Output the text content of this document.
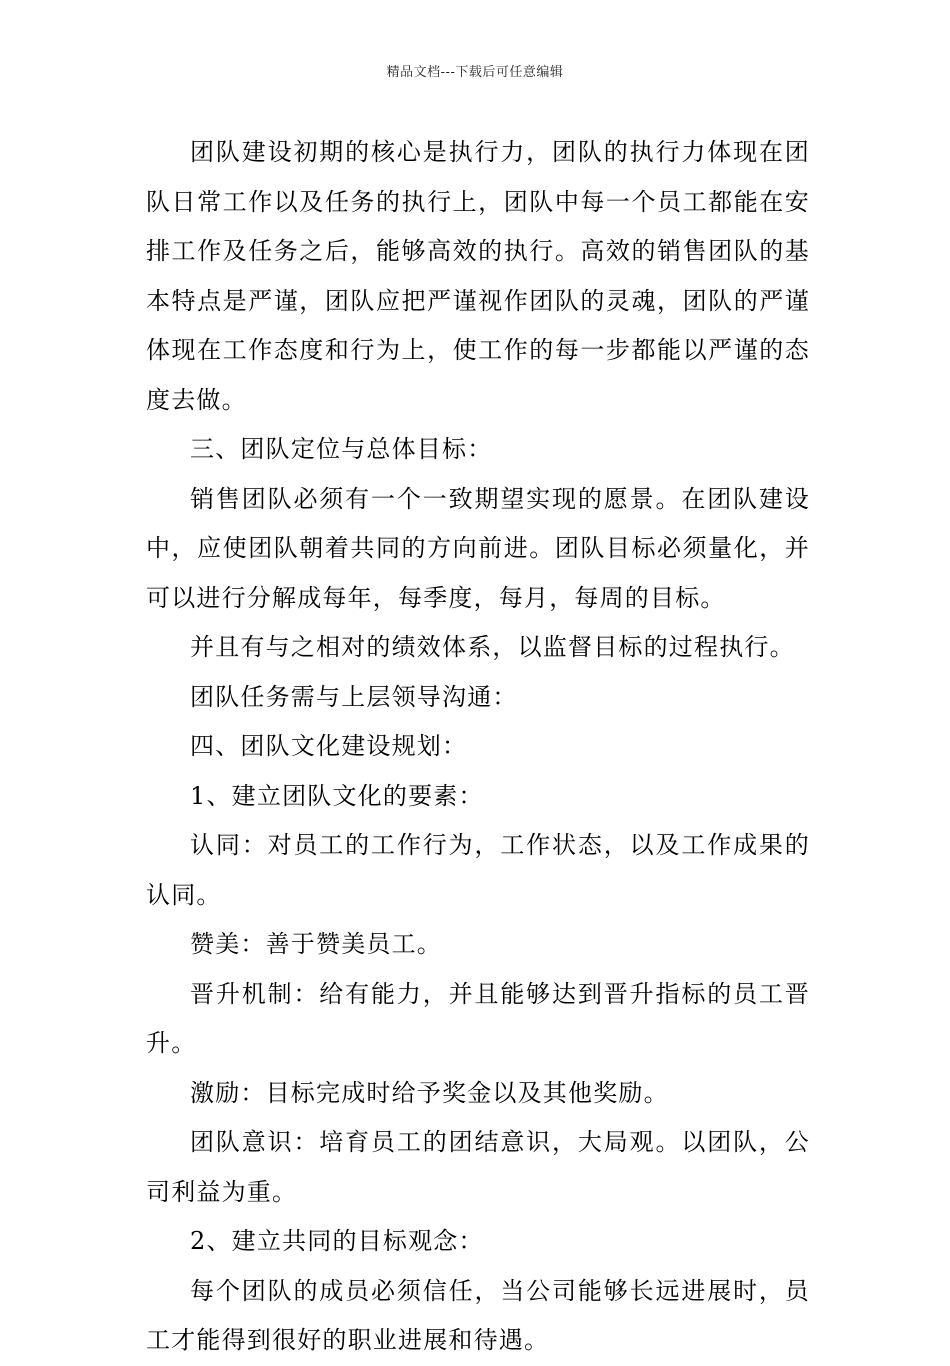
精品文档---下载后可任意编辑

团队建设初期的核心是执行力，团队的执行力体现在团队日常工作以及任务的执行上，团队中每一个员工都能在安排工作及任务之后，能够高效的执行。高效的销售团队的基本特点是严谨，团队应把严谨视作团队的灵魂，团队的严谨体现在工作态度和行为上，使工作的每一步都能以严谨的态度去做。

三、团队定位与总体目标：

销售团队必须有一个一致期望实现的愿景。在团队建设中，应使团队朝着共同的方向前进。团队目标必须量化，并可以进行分解成每年，每季度，每月，每周的目标。

并且有与之相对的绩效体系，以监督目标的过程执行。

团队任务需与上层领导沟通：

四、团队文化建设规划：

1、建立团队文化的要素：

认同：对员工的工作行为，工作状态，以及工作成果的认同。

赞美：善于赞美员工。

晋升机制：给有能力，并且能够达到晋升指标的员工晋升。

激励：目标完成时给予奖金以及其他奖励。

团队意识：培育员工的团结意识，大局观。以团队，公司利益为重。

2、建立共同的目标观念：

每个团队的成员必须信任，当公司能够长远进展时，员工才能得到很好的职业进展和待遇。
